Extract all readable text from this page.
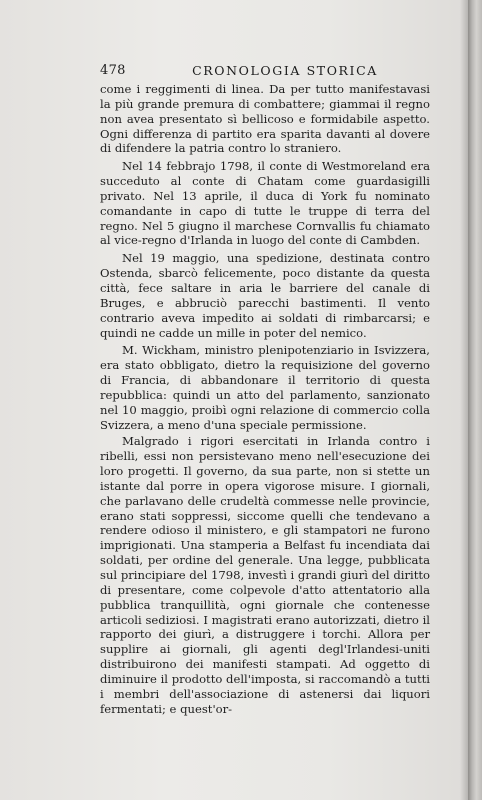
478	CRONOLOGIA STORICA

come i reggimenti di linea. Da per tutto manifestavasi la più grande premura di combattere; giammai il regno non avea presentato sì bellicoso e formidabile aspetto. Ogni differenza di partito era sparita davanti al dovere di difendere la patria contro lo straniero.

Nel 14 febbrajo 1798, il conte di Westmoreland era succeduto al conte di Chatam come guardasigilli privato. Nel 13 aprile, il duca di York fu nominato comandante in capo di tutte le truppe di terra del regno. Nel 5 giugno il marchese Cornvallis fu chiamato al vice-regno d'Irlanda in luogo del conte di Cambden.

Nel 19 maggio, una spedizione, destinata contro Ostenda, sbarcò felicemente, poco distante da questa città, fece saltare in aria le barriere del canale di Bruges, e abbruciò parecchi bastimenti. Il vento contrario aveva impedito ai soldati di rimbarcarsi; e quindi ne cadde un mille in poter del nemico.

M. Wickham, ministro plenipotenziario in Isvizzera, era stato obbligato, dietro la requisizione del governo di Francia, di abbandonare il territorio di questa repubblica: quindi un atto del parlamento, sanzionato nel 10 maggio, proibì ogni relazione di commercio colla Svizzera, a meno d'una speciale permissione.

Malgrado i rigori esercitati in Irlanda contro i ribelli, essi non persistevano meno nell'esecuzione dei loro progetti. Il governo, da sua parte, non si stette un istante dal porre in opera vigorose misure. I giornali, che parlavano delle crudeltà commesse nelle provincie, erano stati soppressi, siccome quelli che tendevano a rendere odioso il ministero, e gli stampatori ne furono imprigionati. Una stamperia a Belfast fu incendiata dai soldati, per ordine del generale. Una legge, pubblicata sul principiare del 1798, investì i grandi giurì del diritto di presentare, come colpevole d'atto attentatorio alla pubblica tranquillità, ogni giornale che contenesse articoli sediziosi. I magistrati erano autorizzati, dietro il rapporto dei giurì, a distruggere i torchi. Allora per supplire ai giornali, gli agenti degl'Irlandesi-uniti distribuirono dei manifesti stampati. Ad oggetto di diminuire il prodotto dell'imposta, si raccomandò a tutti i membri dell'associazione di astenersi dai liquori fermentati; e quest'or-
